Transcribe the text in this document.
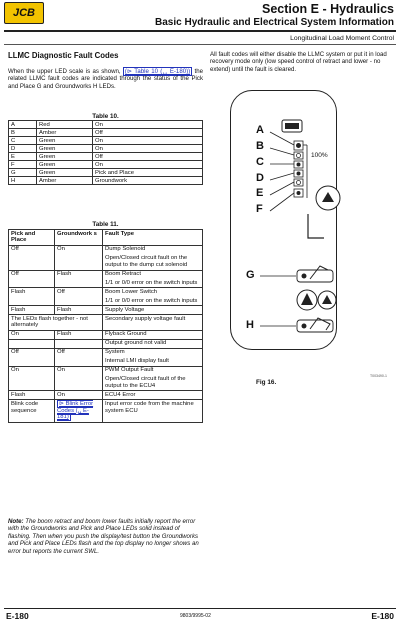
JCB	Section E - Hydraulics
Basic Hydraulic and Electrical System Information
Longitudinal Load Moment Control
LLMC Diagnostic Fault Codes
When the upper LED scale is as shown, (⊳ Table 10 (␣ E-180)) the related LLMC fault codes are indicated through the status of the Pick and Place G and Groundworks H LEDs.
Table 10.
A	Red	On
B	Amber	Off
C	Green	On
D	Green	On
E	Green	Off
F	Green	On
G	Green	Pick and Place
H	Amber	Groundwork
Table 11.
Pick and Place	Groundwork s	Fault Type
Off	On	Dump Solenoid
Open/Closed circuit fault on the output to the dump cut solenoid

Off	Flash	Boom Retract
1/1 or 0/0 error on the switch inputs

Flash	Off	Boom Lower Switch
1/1 or 0/0 error on the switch inputs

Flash	Flash	Supply Voltage

The LEDs flash together - not alternately		Secondary supply voltage fault

On	Flash	Flyback Ground

		Output ground not valid

Off	Off	System
Internal LMI display fault

On	On	PWM Output Fault
Open/Closed circuit fault of the output to the ECU4

Flash	On	ECU4 Error

Blink code sequence	⊳ Blink Error Codes (␣ E-181)	Input error code from the machine system ECU
Note: The boom retract and boom lower faults initially report the error with the Groundworks and Pick and Place LEDs solid instead of flashing. Then when you push the display/test button the Groundworks and Pick and Place LEDs flash and the top display no longer shows an error but reports the current SWL.
All fault codes will either disable the LLMC system or put it in load recovery mode only (low speed control of retract and lower - no extend) until the fault is cleared.
A
B
C
D
E
F
G
H
100%
Fig 16.
T003490-1
E-180	9803/9995-02	E-180
